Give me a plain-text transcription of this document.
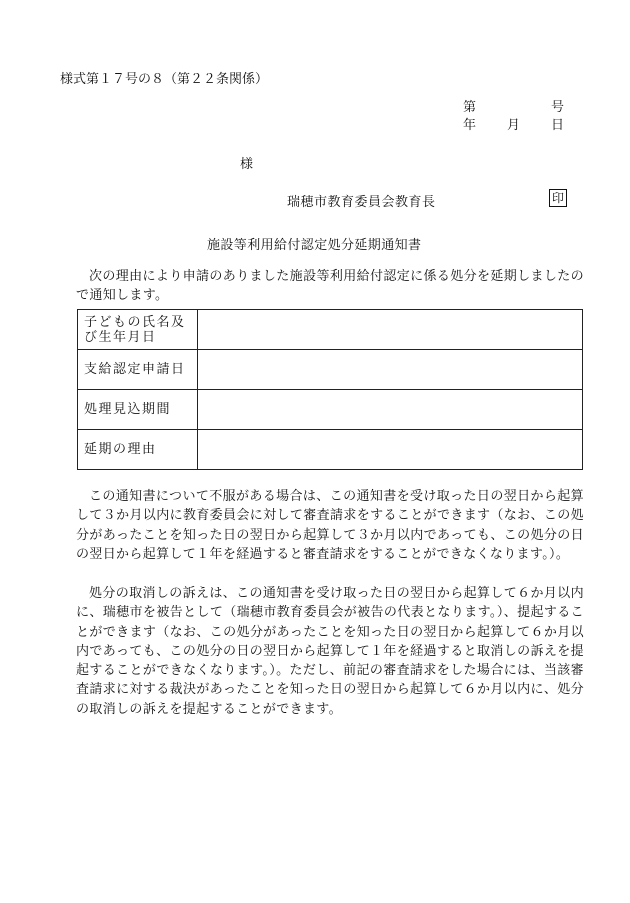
様式第１７号の８（第２２条関係）
第	号
年 月 日
様
瑞穂市教育委員会教育長	印
施設等利用給付認定処分延期通知書
次の理由により申請のありました施設等利用給付認定に係る処分を延期しましたので通知します。
子どもの氏名及び生年月日	
支給認定申請日	
処理見込期間	
延期の理由	
この通知書について不服がある場合は、この通知書を受け取った日の翌日から起算して３か月以内に教育委員会に対して審査請求をすることができます（なお、この処分があったことを知った日の翌日から起算して３か月以内であっても、この処分の日の翌日から起算して１年を経過すると審査請求をすることができなくなります。）。
処分の取消しの訴えは、この通知書を受け取った日の翌日から起算して６か月以内に、瑞穂市を被告として（瑞穂市教育委員会が被告の代表となります。）、提起することができます（なお、この処分があったことを知った日の翌日から起算して６か月以内であっても、この処分の日の翌日から起算して１年を経過すると取消しの訴えを提起することができなくなります。）。ただし、前記の審査請求をした場合には、当該審査請求に対する裁決があったことを知った日の翌日から起算して６か月以内に、処分の取消しの訴えを提起することができます。
